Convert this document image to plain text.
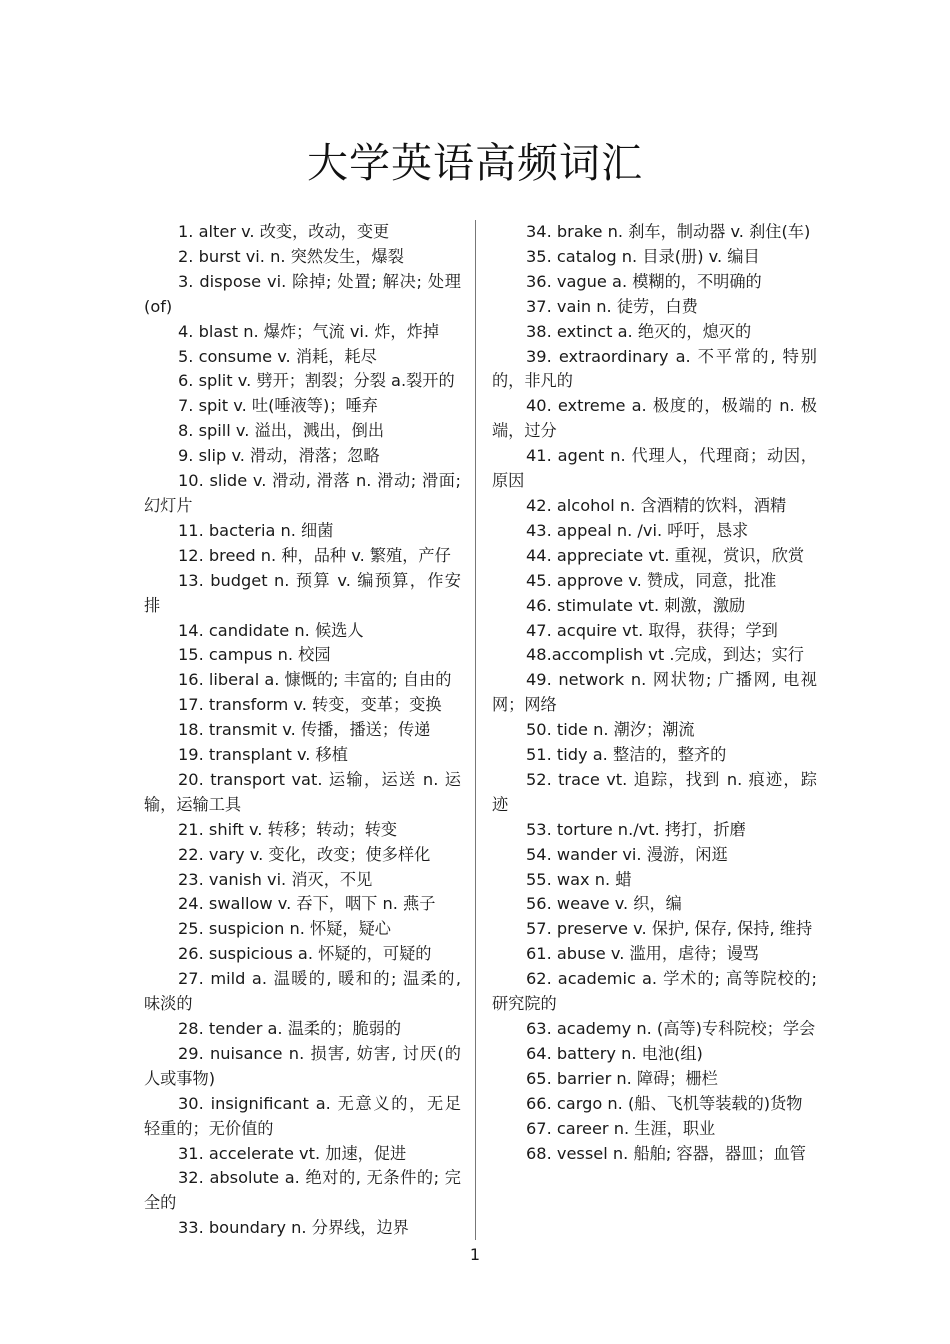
大学英语高频词汇
1. alter v. 改变，改动，变更
2. burst vi. n. 突然发生，爆裂
3. dispose vi. 除掉; 处置; 解决; 处理(of)
4. blast n. 爆炸；气流 vi. 炸，炸掉
5. consume v. 消耗，耗尽
6. split v. 劈开；割裂；分裂 a.裂开的
7. spit v. 吐(唾液等)；唾弃
8. spill v. 溢出，溅出，倒出
9. slip v. 滑动，滑落；忽略
10. slide v. 滑动, 滑落 n. 滑动; 滑面; 幻灯片
11. bacteria n. 细菌
12. breed n. 种，品种 v. 繁殖，产仔
13. budget n. 预算 v. 编预算，作安排
14. candidate n. 候选人
15. campus n. 校园
16. liberal a. 慷慨的; 丰富的; 自由的
17. transform v. 转变，变革；变换
18. transmit v. 传播，播送；传递
19. transplant v. 移植
20. transport vat. 运输，运送 n. 运输，运输工具
21. shift v. 转移；转动；转变
22. vary v. 变化，改变；使多样化
23. vanish vi. 消灭，不见
24. swallow v. 吞下，咽下 n. 燕子
25. suspicion n. 怀疑，疑心
26. suspicious a. 怀疑的，可疑的
27. mild a. 温暖的, 暖和的; 温柔的, 味淡的
28. tender a. 温柔的；脆弱的
29. nuisance n. 损害, 妨害, 讨厌(的人或事物)
30. insignificant a. 无意义的，无足轻重的；无价值的
31. accelerate vt. 加速，促进
32. absolute a. 绝对的, 无条件的; 完全的
33. boundary n. 分界线，边界
34. brake n. 刹车，制动器 v. 刹住(车)
35. catalog n. 目录(册) v. 编目
36. vague a. 模糊的，不明确的
37. vain n. 徒劳，白费
38. extinct a. 绝灭的，熄灭的
39. extraordinary a. 不平常的, 特别的，非凡的
40. extreme a. 极度的，极端的 n. 极端，过分
41. agent n. 代理人，代理商；动因，原因
42. alcohol n. 含酒精的饮料，酒精
43. appeal n. /vi. 呼吁，恳求
44. appreciate vt. 重视，赏识，欣赏
45. approve v. 赞成，同意，批准
46. stimulate vt. 刺激，激励
47. acquire vt. 取得，获得；学到
48.accomplish vt .完成，到达；实行
49. network n. 网状物; 广播网, 电视网；网络
50. tide n. 潮汐；潮流
51. tidy a. 整洁的，整齐的
52. trace vt. 追踪，找到 n. 痕迹，踪迹
53. torture n./vt. 拷打，折磨
54. wander vi. 漫游，闲逛
55. wax n. 蜡
56. weave v. 织，编
57. preserve v. 保护, 保存, 保持, 维持
61. abuse v. 滥用，虐待；谩骂
62. academic a. 学术的; 高等院校的; 研究院的
63. academy n. (高等)专科院校；学会
64. battery n. 电池(组)
65. barrier n. 障碍；栅栏
66. cargo n. (船、飞机等装载的)货物
67. career n. 生涯，职业
68. vessel n. 船舶; 容器，器皿；血管
1
